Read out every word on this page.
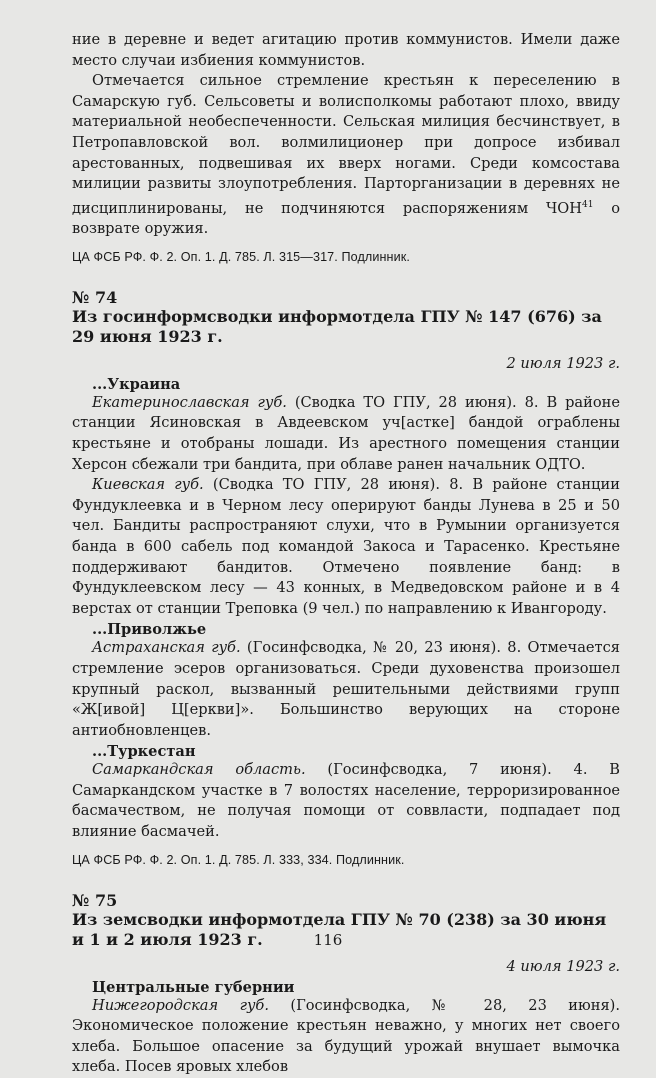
ние в деревне и ведет агитацию против коммунистов. Имели даже место случаи избиения коммунистов.

Отмечается сильное стремление крестьян к переселению в Самарскую губ. Сельсоветы и волисполкомы работают плохо, ввиду материальной необеспеченности. Сельская милиция бесчинствует, в Петропавловской вол. волмилиционер при допросе избивал арестованных, подвешивая их вверх ногами. Среди комсостава милиции развиты злоупотребления. Парторганизации в деревнях не дисциплинированы, не подчиняются распоряжениям ЧОН$^{41}$ о возврате оружия.

ЦА ФСБ РФ. Ф. 2. Оп. 1. Д. 785. Л. 315—317. Подлинник.

№ 74

Из госинформсводки информотдела ГПУ № 147 (676) за 29 июня 1923 г.

2 июля 1923 г.

...Украина

Екатеринославская губ. (Сводка ТО ГПУ, 28 июня). 8. В районе станции Ясиновская в Авдеевском уч[астке] бандой ограблены крестьяне и отобраны лошади. Из арестного помещения станции Херсон сбежали три бандита, при облаве ранен начальник ОДТО.

Киевская губ. (Сводка ТО ГПУ, 28 июня). 8. В районе станции Фундуклеевка и в Черном лесу оперируют банды Лунева в 25 и 50 чел. Бандиты распространяют слухи, что в Румынии организуется банда в 600 сабель под командой Закоса и Тарасенко. Крестьяне поддерживают бандитов. Отмечено появление банд: в Фундуклеевском лесу — 43 конных, в Медведовском районе и в 4 верстах от станции Треповка (9 чел.) по направлению к Ивангороду.

...Приволжье

Астраханская губ. (Госинфсводка, № 20, 23 июня). 8. Отмечается стремление эсеров организоваться. Среди духовенства произошел крупный раскол, вызванный решительными действиями групп «Ж[ивой] Ц[еркви]». Большинство верующих на стороне антиобновленцев.

...Туркестан

Самаркандская область. (Госинфсводка, 7 июня). 4. В Самаркандском участке в 7 волостях население, терроризированное басмачеством, не получая помощи от соввласти, подпадает под влияние басмачей.

ЦА ФСБ РФ. Ф. 2. Оп. 1. Д. 785. Л. 333, 334. Подлинник.

№ 75

Из земсводки информотдела ГПУ № 70 (238) за 30 июня и 1 и 2 июля 1923 г.

4 июля 1923 г.

Центральные губернии

Нижегородская губ. (Госинфсводка, № 28, 23 июня). Экономическое положение крестьян неважно, у многих нет своего хлеба. Большое опасение за будущий урожай внушает вымочка хлеба. Посев яровых хлебов

116
